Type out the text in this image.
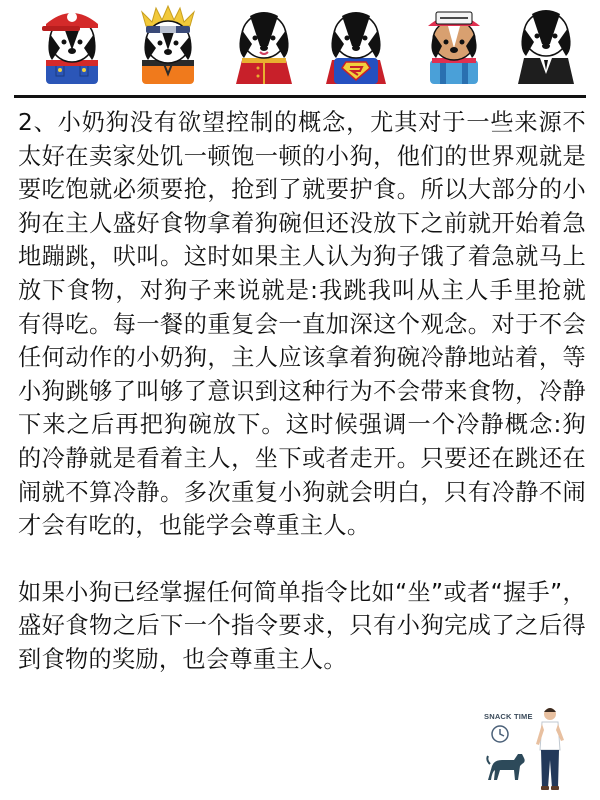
2、小奶狗没有欲望控制的概念，尤其对于一些来源不太好在卖家处饥一顿饱一顿的小狗，他们的世界观就是要吃饱就必须要抢，抢到了就要护食。所以大部分的小狗在主人盛好食物拿着狗碗但还没放下之前就开始着急地蹦跳，吠叫。这时如果主人认为狗子饿了着急就马上放下食物，对狗子来说就是:我跳我叫从主人手里抢就有得吃。每一餐的重复会一直加深这个观念。对于不会任何动作的小奶狗，主人应该拿着狗碗冷静地站着，等小狗跳够了叫够了意识到这种行为不会带来食物，冷静下来之后再把狗碗放下。这时候强调一个冷静概念:狗的冷静就是看着主人，坐下或者走开。只要还在跳还在闹就不算冷静。多次重复小狗就会明白，只有冷静不闹才会有吃的，也能学会尊重主人。

如果小狗已经掌握任何简单指令比如“坐”或者“握手”，盛好食物之后下一个指令要求，只有小狗完成了之后得到食物的奖励，也会尊重主人。

SNACK TIME
